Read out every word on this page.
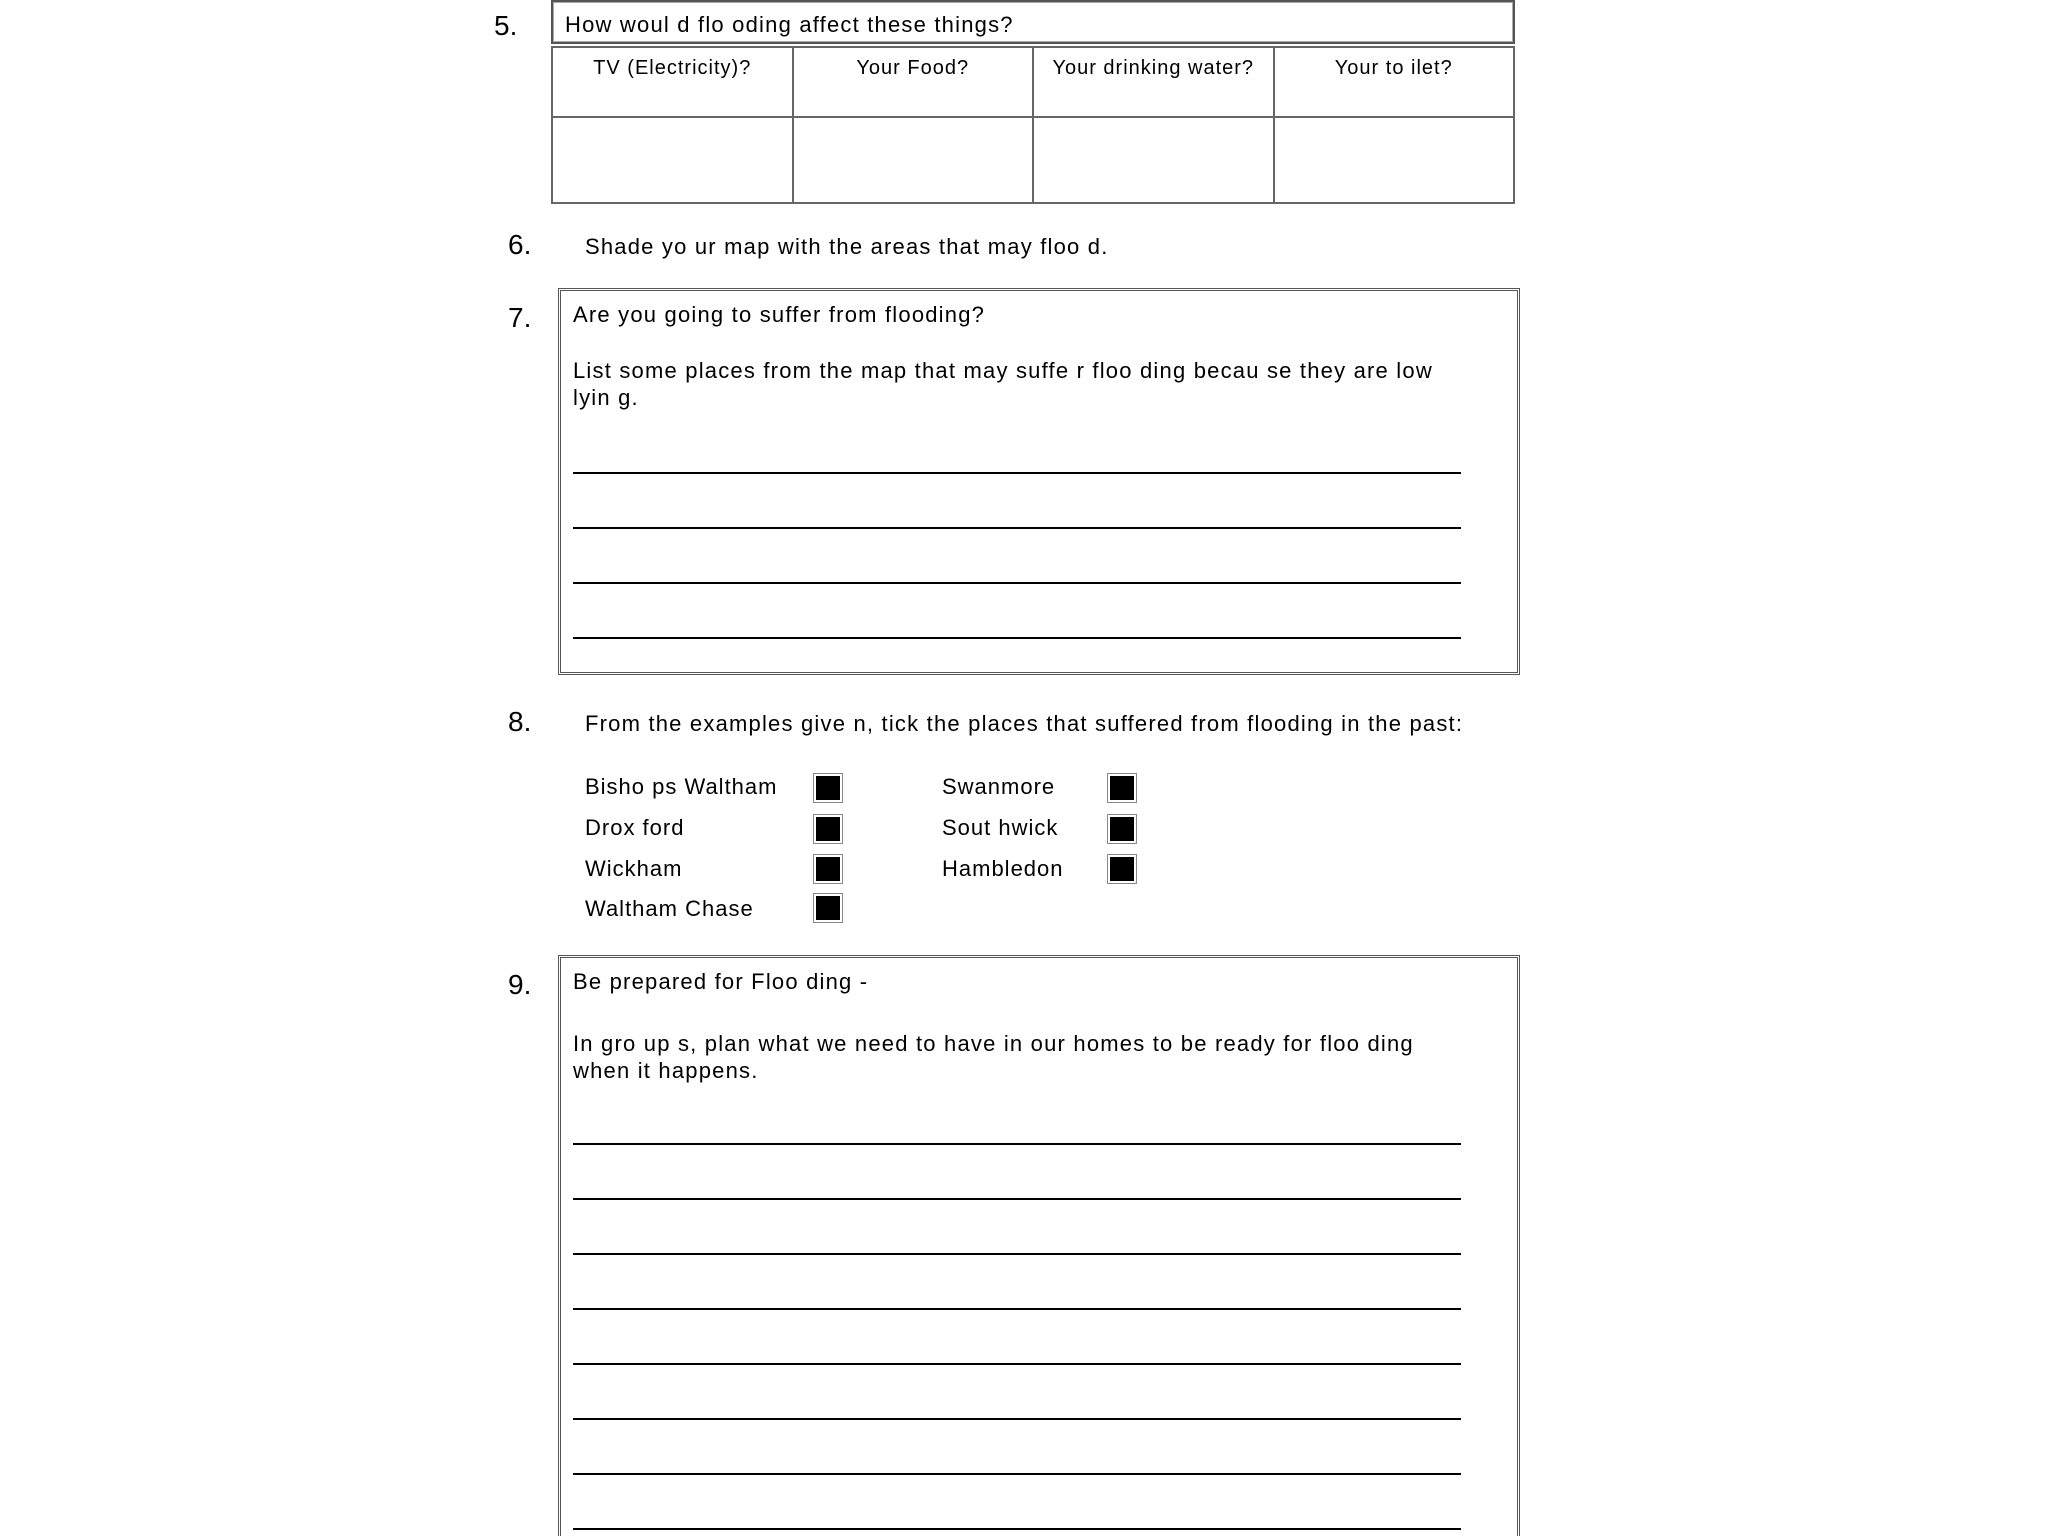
5.	How woul d flo oding affect these things?
TV (Electricity)?	Your Food?	Your drinking water?	Your to ilet?

6. Shade yo ur map with the areas that may floo d.
7. Are you going to suffer from flooding?
List some places from the map that may suffe r floo ding becau se they are low
lyin g.
8. From the examples give n, tick the places that suffered from flooding in the past:
Bisho ps Waltham
Drox ford
Wickham
Waltham Chase
Swanmore
Sout hwick
Hambledon
9. Be prepared for Floo ding -
In gro up s, plan what we need to have in our homes to be ready for floo ding
when it happens.
